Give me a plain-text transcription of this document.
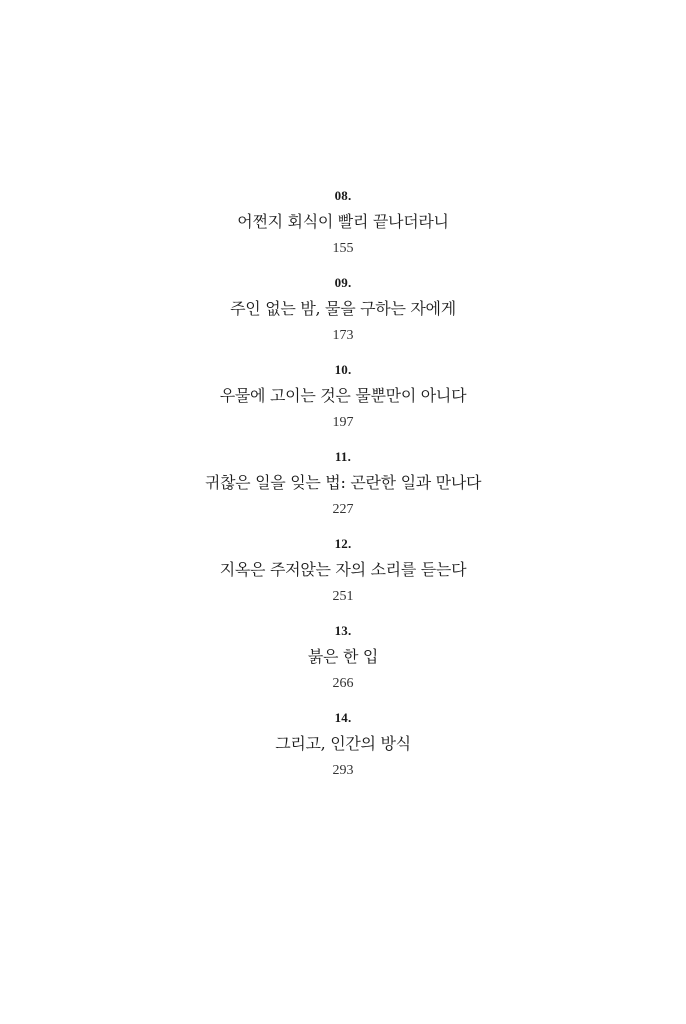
08.
어쩐지 회식이 빨리 끝나더라니
155
09.
주인 없는 밤, 물을 구하는 자에게
173
10.
우물에 고이는 것은 물뿐만이 아니다
197
11.
귀찮은 일을 잊는 법: 곤란한 일과 만나다
227
12.
지옥은 주저앉는 자의 소리를 듣는다
251
13.
붉은 한 입
266
14.
그리고, 인간의 방식
293
